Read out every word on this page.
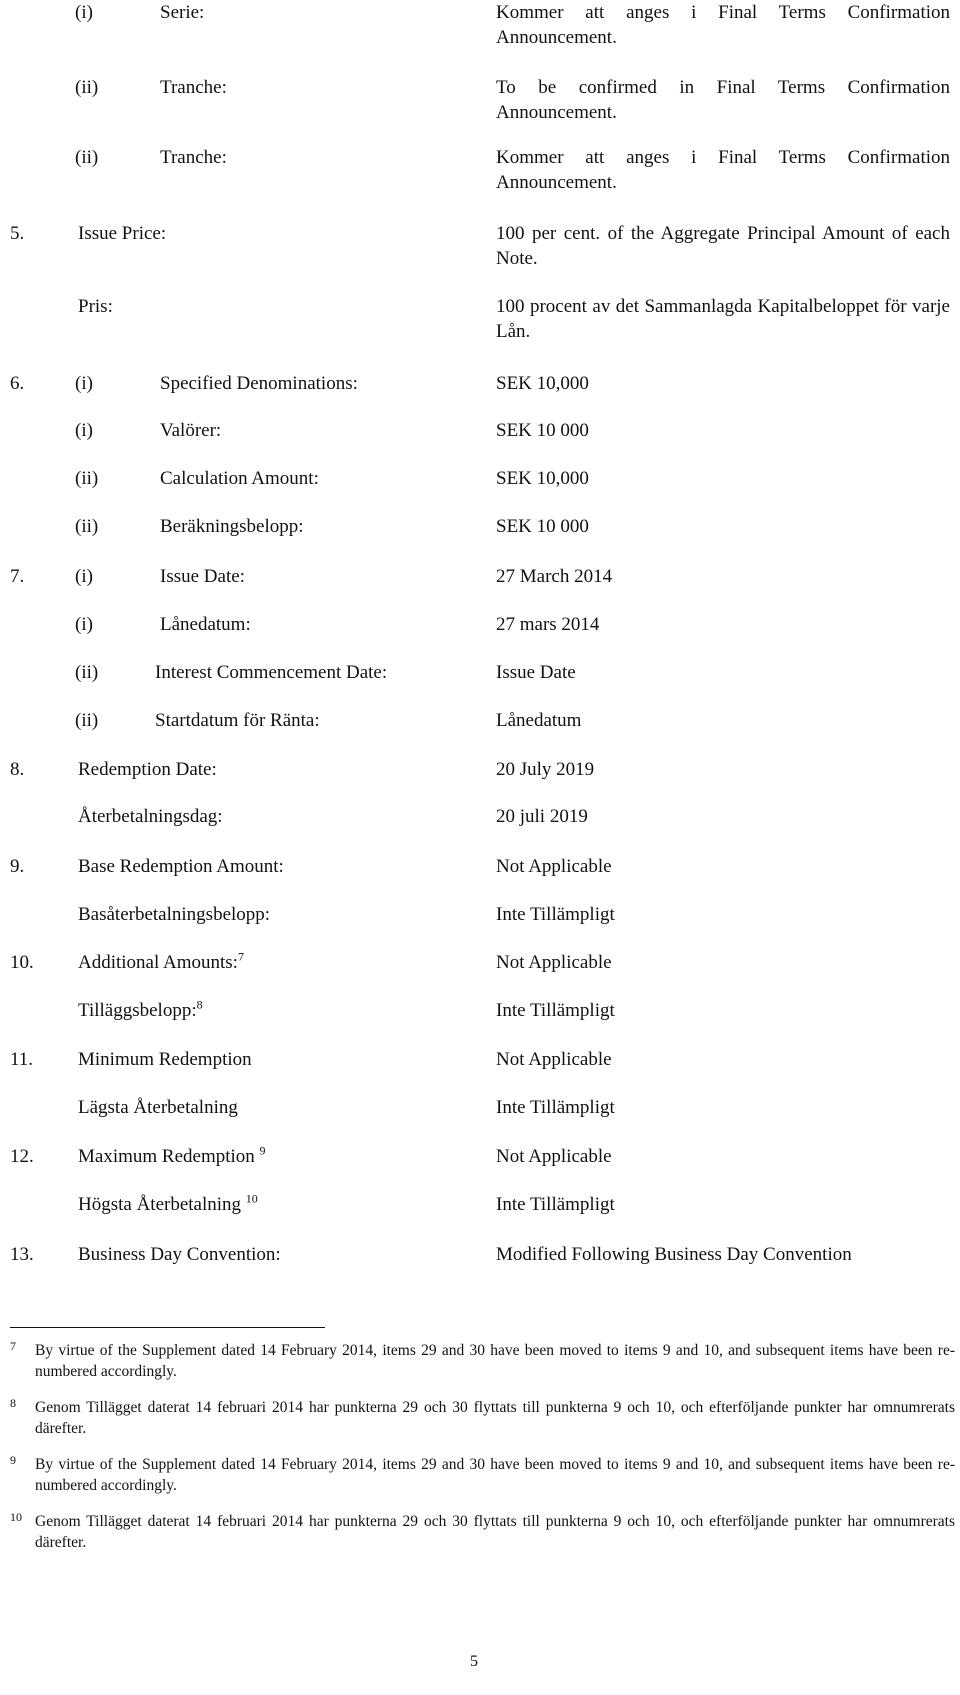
(i)	Serie:	Kommer att anges i Final Terms Confirmation Announcement.
(ii)	Tranche:	To be confirmed in Final Terms Confirmation Announcement.
(ii)	Tranche:	Kommer att anges i Final Terms Confirmation Announcement.
5.	Issue Price:	100 per cent. of the Aggregate Principal Amount of each Note.
Pris:	100 procent av det Sammanlagda Kapitalbeloppet för varje Lån.
6.	(i)	Specified Denominations:	SEK 10,000
(i)	Valörer:	SEK 10 000
(ii)	Calculation Amount:	SEK 10,000
(ii)	Beräkningsbelopp:	SEK 10 000
7.	(i)	Issue Date:	27 March 2014
(i)	Lånedatum:	27 mars 2014
(ii)	Interest Commencement Date:	Issue Date
(ii)	Startdatum för Ränta:	Lånedatum
8.	Redemption Date:	20 July 2019
Återbetalningsdag:	20 juli 2019
9.	Base Redemption Amount:	Not Applicable
Basåterbetalningsbelopp:	Inte Tillämpligt
10. Additional Amounts:$^7$	Not Applicable
Tilläggsbelopp:$^8$	Inte Tillämpligt
11. Minimum Redemption	Not Applicable
Lägsta Återbetalning	Inte Tillämpligt
12. Maximum Redemption $^9$	Not Applicable
Högsta Återbetalning $^{10}$	Inte Tillämpligt
13. Business Day Convention:	Modified Following Business Day Convention
7 By virtue of the Supplement dated 14 February 2014, items 29 and 30 have been moved to items 9 and 10, and subsequent items have been re-numbered accordingly.
8 Genom Tillägget daterat 14 februari 2014 har punkterna 29 och 30 flyttats till punkterna 9 och 10, och efterföljande punkter har omnumrerats därefter.
9 By virtue of the Supplement dated 14 February 2014, items 29 and 30 have been moved to items 9 and 10, and subsequent items have been re-numbered accordingly.
10 Genom Tillägget daterat 14 februari 2014 har punkterna 29 och 30 flyttats till punkterna 9 och 10, och efterföljande punkter har omnumrerats därefter.
5
